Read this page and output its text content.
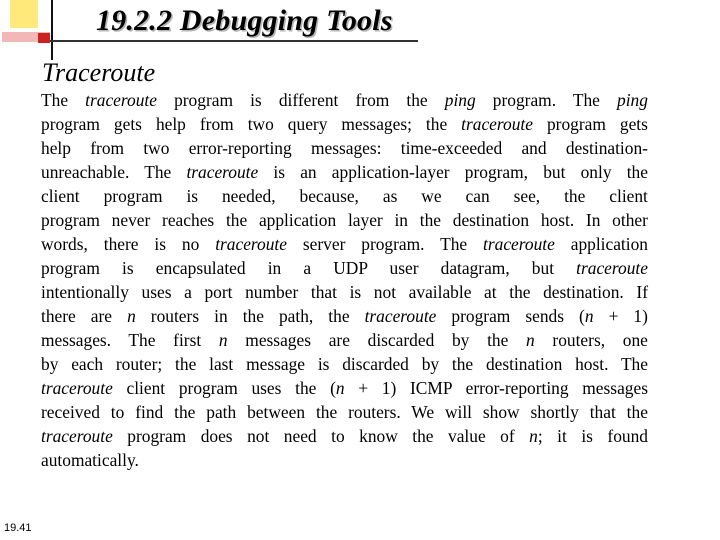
19.2.2 Debugging Tools
Traceroute
The traceroute program is different from the ping program. The ping
program gets help from two query messages; the traceroute program gets
help from two error-reporting messages: time-exceeded and destination-
unreachable. The traceroute is an application-layer program, but only the
client program is needed, because, as we can see, the client
program never reaches the application layer in the destination host. In other
words, there is no traceroute server program. The traceroute application
program is encapsulated in a UDP user datagram, but traceroute
intentionally uses a port number that is not available at the destination. If
there are n routers in the path, the traceroute program sends (n + 1)
messages. The first n messages are discarded by the n routers, one
by each router; the last message is discarded by the destination host. The
traceroute client program uses the (n + 1) ICMP error-reporting messages
received to find the path between the routers. We will show shortly that the
traceroute program does not need to know the value of n; it is found
automatically.
19.41
